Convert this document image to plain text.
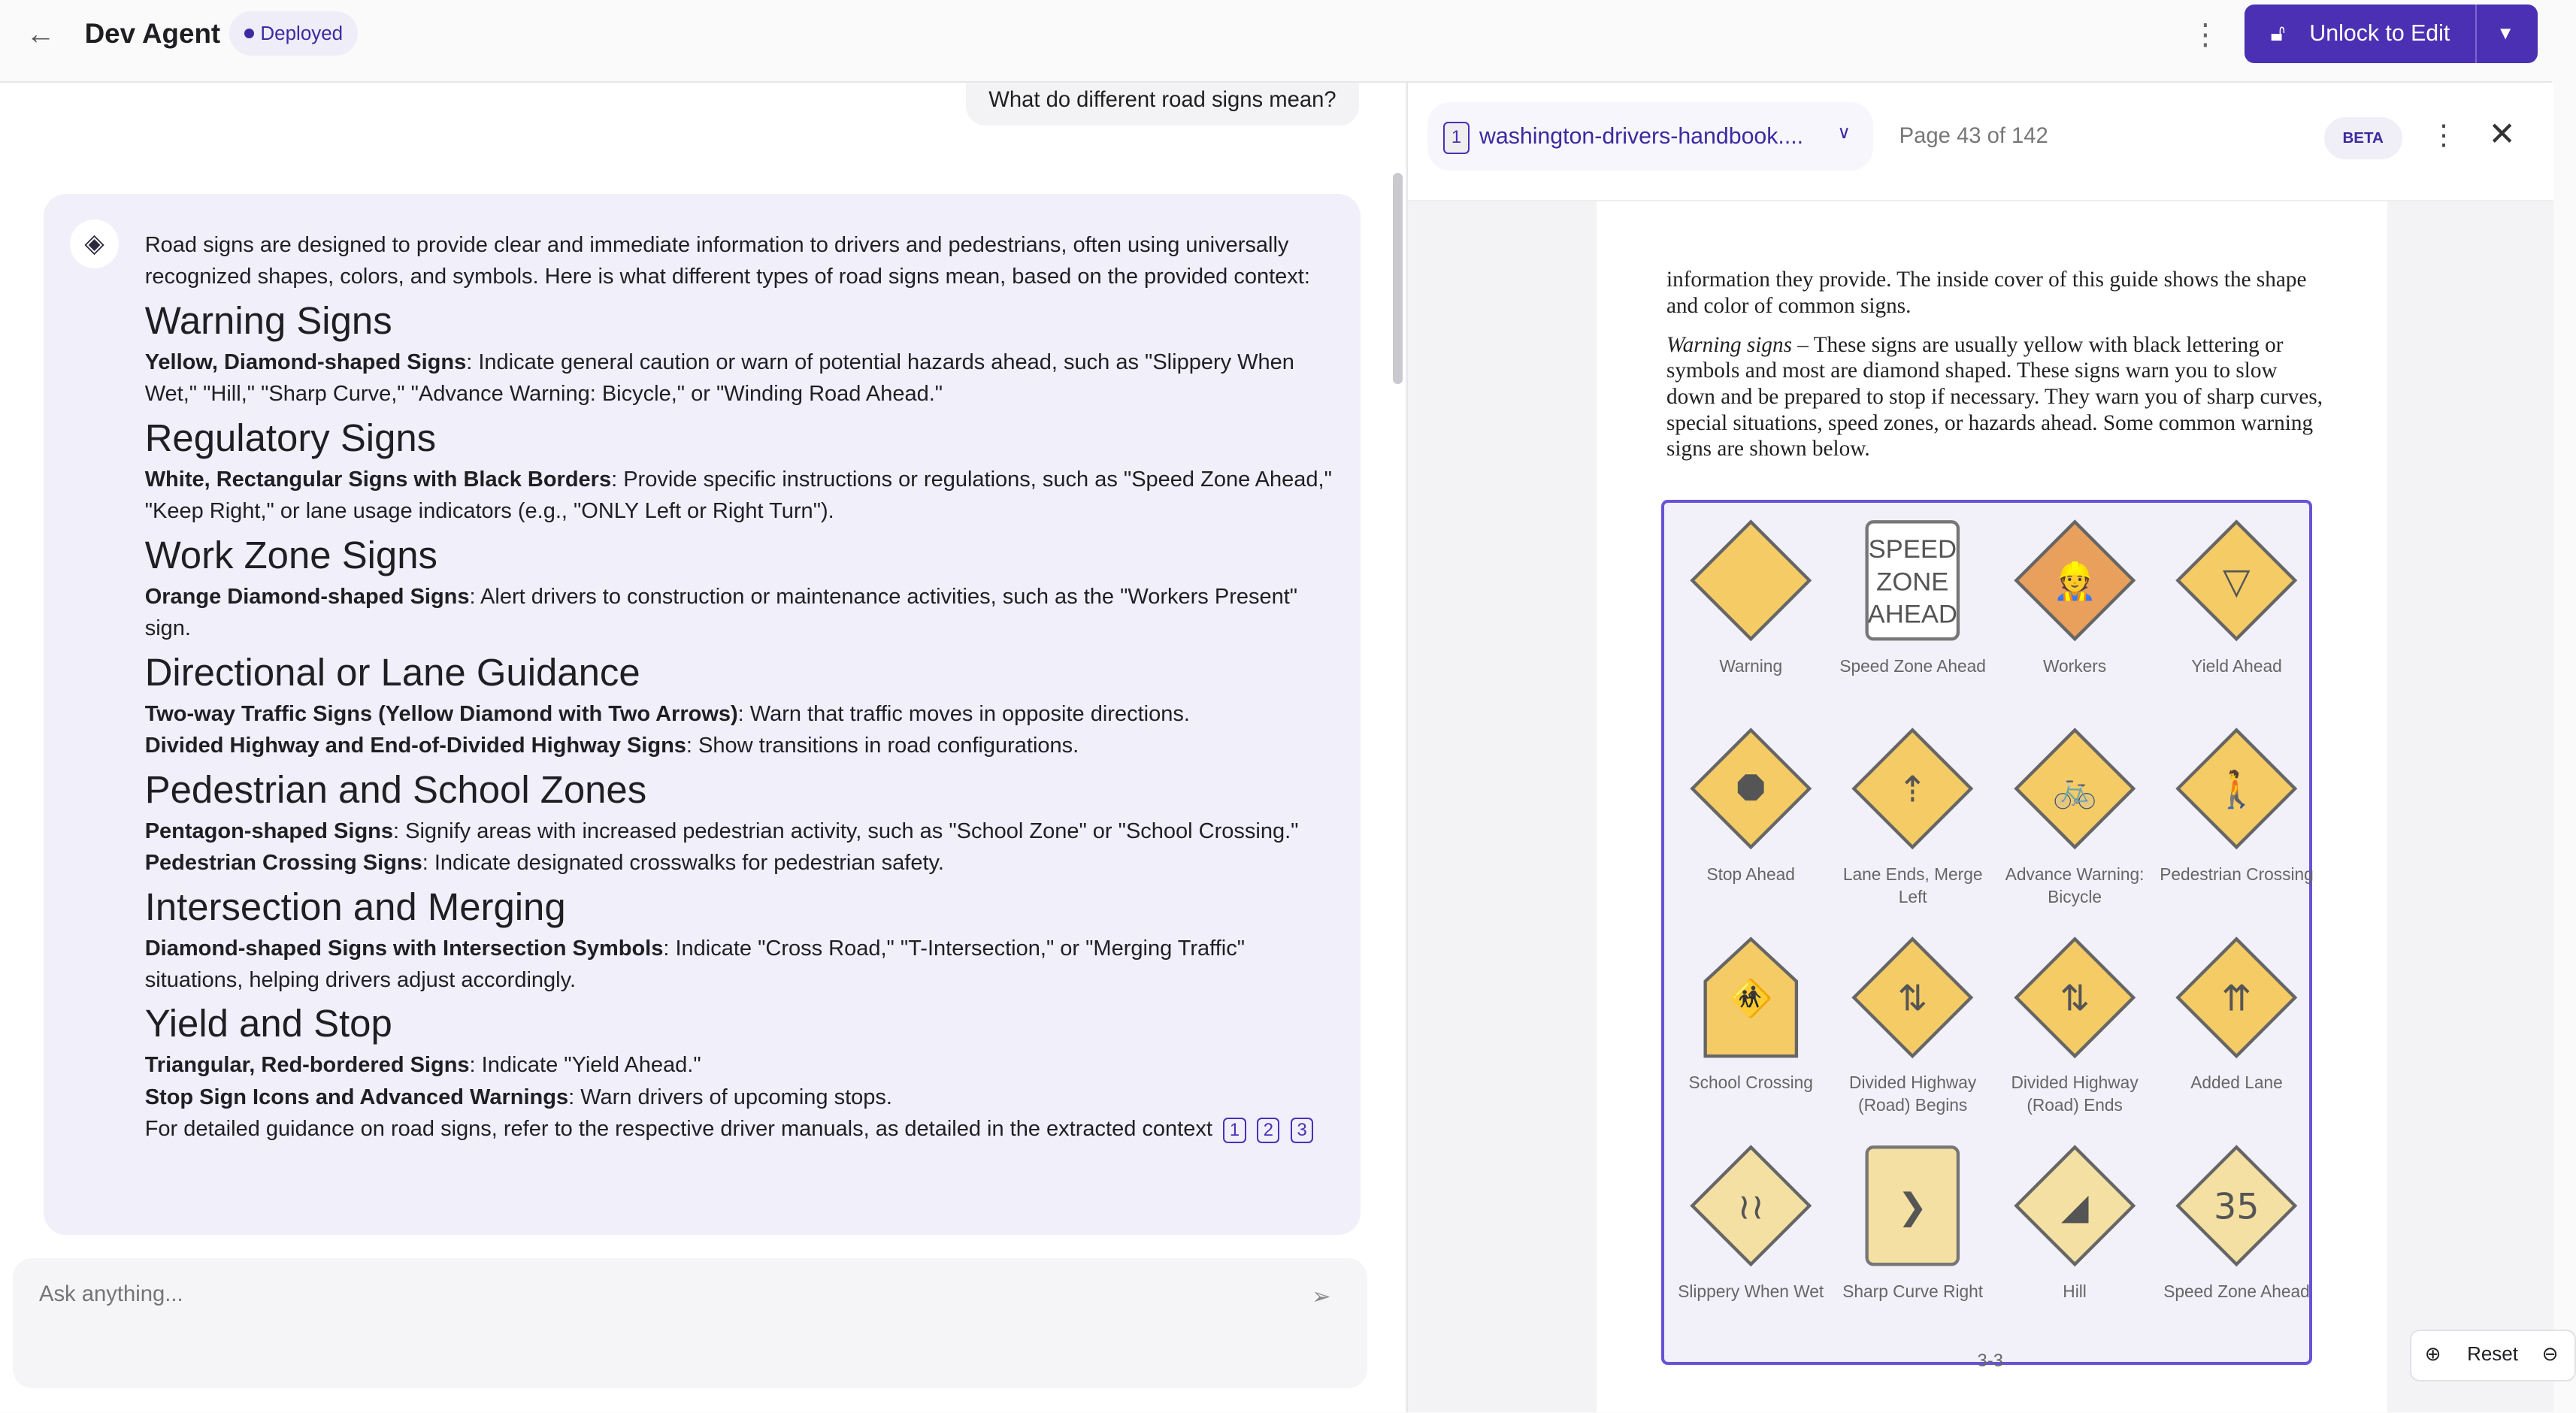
← Dev Agent	Deployed	⋮	🔓︎ Unlock to Edit	▼
What do different road signs mean?
◈	Road signs are designed to provide clear and immediate information to drivers and pedestrians, often using universally recognized shapes, colors, and symbols. Here is what different types of road signs mean, based on the provided context:

Warning Signs

Yellow, Diamond-shaped Signs: Indicate general caution or warn of potential hazards ahead, such as "Slippery When Wet," "Hill," "Sharp Curve," "Advance Warning: Bicycle," or "Winding Road Ahead."

Regulatory Signs

White, Rectangular Signs with Black Borders: Provide specific instructions or regulations, such as "Speed Zone Ahead," "Keep Right," or lane usage indicators (e.g., "ONLY Left or Right Turn").

Work Zone Signs

Orange Diamond-shaped Signs: Alert drivers to construction or maintenance activities, such as the "Workers Present" sign.

Directional or Lane Guidance

Two-way Traffic Signs (Yellow Diamond with Two Arrows): Warn that traffic moves in opposite directions.

Divided Highway and End-of-Divided Highway Signs: Show transitions in road configurations.

Pedestrian and School Zones

Pentagon-shaped Signs: Signify areas with increased pedestrian activity, such as "School Zone" or "School Crossing."

Pedestrian Crossing Signs: Indicate designated crosswalks for pedestrian safety.

Intersection and Merging

Diamond-shaped Signs with Intersection Symbols: Indicate "Cross Road," "T-Intersection," or "Merging Traffic" situations, helping drivers adjust accordingly.

Yield and Stop

Triangular, Red-bordered Signs: Indicate "Yield Ahead."

Stop Sign Icons and Advanced Warnings: Warn drivers of upcoming stops.

For detailed guidance on road signs, refer to the respective driver manuals, as detailed in the extracted context 1	2	3

Ask anything...
➢
1	washington-drivers-handbook....	∨	Page 43 of 142	BETA	⋮ ✕

information they provide. The inside cover of this guide shows the shape and color of common signs.

Warning signs – These signs are usually yellow with black lettering or symbols and most are diamond shaped. These signs warn you to slow down and be prepared to stop if necessary. They warn you of sharp curves, special situations, speed zones, or hazards ahead. Some common warning signs are shown below.

Warning
SPEED
ZONE
AHEAD
Speed Zone Ahead
👷
Workers
▽
Yield Ahead
⯃
Stop Ahead
⇡
Lane Ends, Merge Left
🚲
Advance Warning: Bicycle
🚶
Pedestrian Crossing
🚸
School Crossing
⇅
Divided Highway (Road) Begins
⇅
Divided Highway (Road) Ends
⇈
Added Lane
≀≀
Slippery When Wet
❯
Sharp Curve Right
◢
Hill
35
Speed Zone Ahead
3-3	⊕	Reset	⊖
